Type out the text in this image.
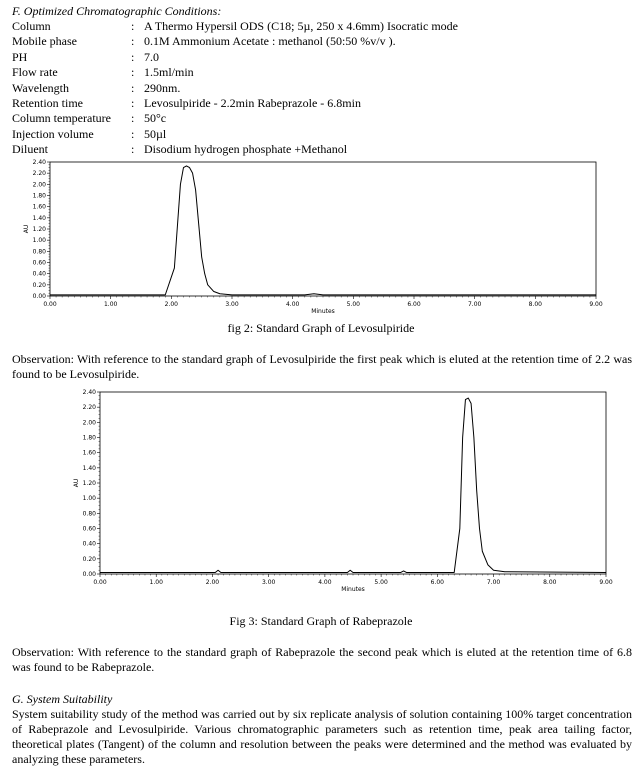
F. Optimized Chromatographic Conditions:
Column	: A Thermo Hypersil ODS (C18; 5µ, 250 x 4.6mm) Isocratic mode
Mobile phase	: 0.1M Ammonium Acetate : methanol (50:50 %v/v ).
PH	: 7.0
Flow rate	: 1.5ml/min
Wavelength	: 290nm.
Retention time	: Levosulpiride - 2.2min Rabeprazole - 6.8min
Column temperature : 50°c
Injection volume	: 50µl
Diluent	: Disodium hydrogen phosphate +Methanol
0.00
0.20
0.40
0.60
0.80
1.00
1.20
1.40
1.60
1.80
2.00
2.20
2.40
0.00	1.00	2.00	3.00	4.00	5.00	6.00	7.00	8.00	9.00
Minutes
AU
fig 2: Standard Graph of Levosulpiride
Observation: With reference to the standard graph of Levosulpiride the first peak which is eluted at the retention time of 2.2 was found to be Levosulpiride.
0.00
0.20
0.40
0.60
0.80
1.00
1.20
1.40
1.60
1.80
2.00
2.20
2.40
0.00	1.00	2.00	3.00	4.00	5.00	6.00	7.00	8.00	9.00
Minutes
AU
Fig 3: Standard Graph of Rabeprazole
Observation: With reference to the standard graph of Rabeprazole the second peak which is eluted at the retention time of 6.8 was found to be Rabeprazole.
G. System Suitability
System suitability study of the method was carried out by six replicate analysis of solution containing 100% target concentration of Rabeprazole and Levosulpiride. Various chromatographic parameters such as retention time, peak area tailing factor, theoretical plates (Tangent) of the column and resolution between the peaks were determined and the method was evaluated by analyzing these parameters.
